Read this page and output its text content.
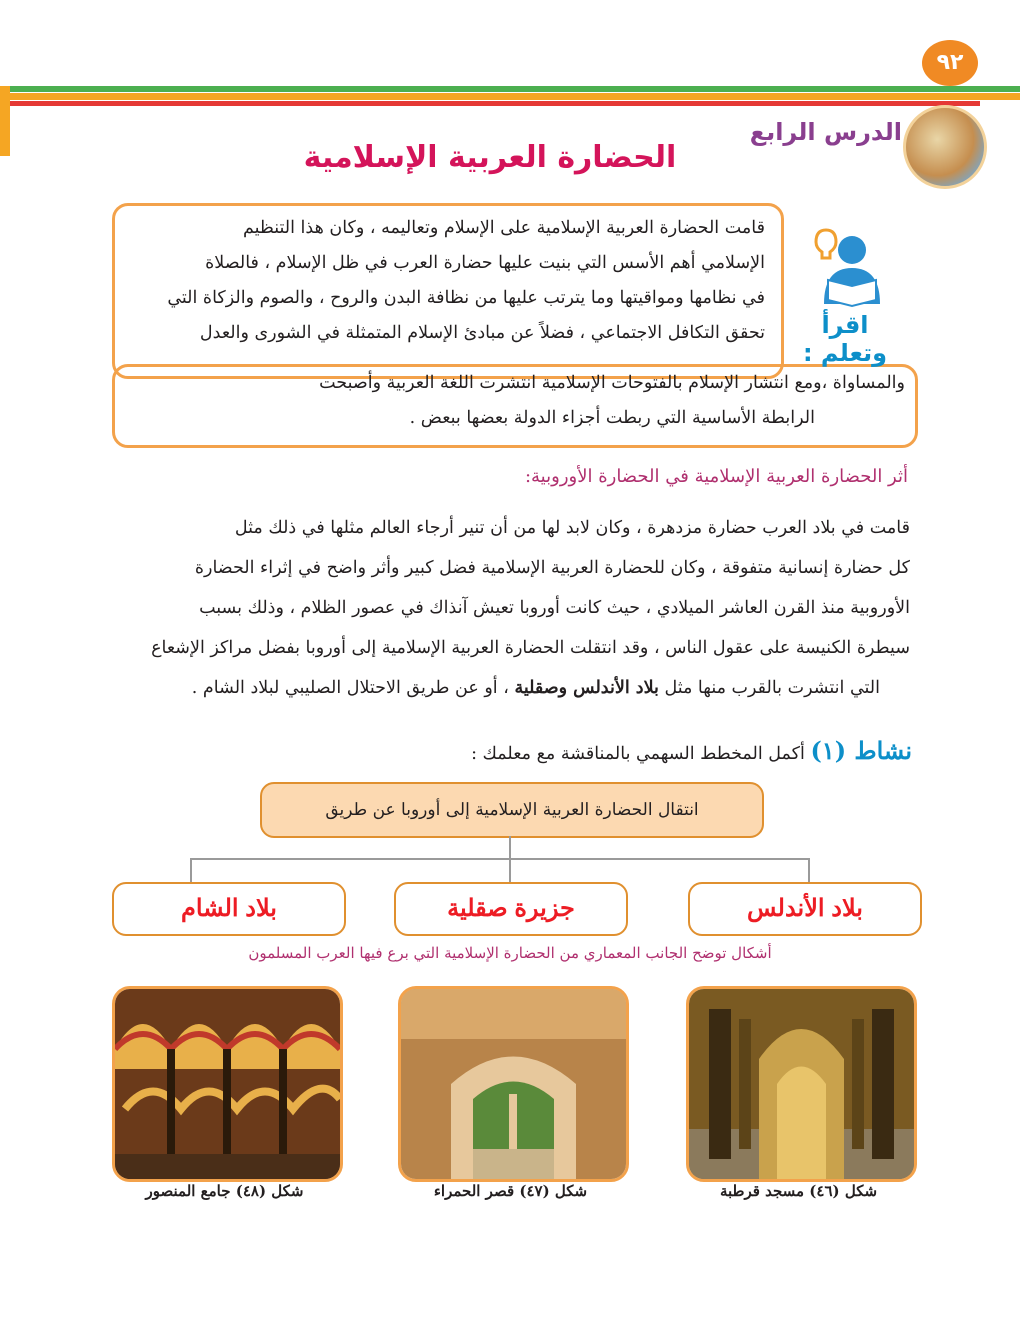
٩٢
الدرس الرابع
الحضارة العربية الإسلامية
قامت الحضارة العربية الإسلامية على الإسلام وتعاليمه ، وكان هذا التنظيم
الإسلامي أهم الأسس التي بنيت عليها حضارة العرب في ظل الإسلام ، فالصلاة
في نظامها ومواقيتها وما يترتب عليها من نظافة البدن والروح ، والصوم والزكاة التي
تحقق التكافل الاجتماعي ، فضلاً عن مبادئ الإسلام المتمثلة في الشورى والعدل
والمساواة ،ومع انتشار الإسلام بالفتوحات الإسلامية انتشرت اللغة العربية وأصبحت
الرابطة الأساسية التي ربطت أجزاء الدولة بعضها ببعض .
اقرأ وتعلم :
أثر الحضارة العربية الإسلامية في الحضارة الأوروبية:
قامت في بلاد العرب حضارة مزدهرة ، وكان لابد لها من أن تنير أرجاء العالم مثلها في ذلك مثل
كل حضارة إنسانية متفوقة ، وكان للحضارة العربية الإسلامية فضل كبير وأثر واضح في إثراء الحضارة
الأوروبية منذ القرن العاشر الميلادي ، حيث كانت أوروبا تعيش آنذاك في عصور الظلام ، وذلك بسبب
سيطرة الكنيسة على عقول الناس ، وقد انتقلت الحضارة العربية الإسلامية إلى أوروبا بفضل مراكز الإشعاع
التي انتشرت بالقرب منها مثل بلاد الأندلس وصقلية ، أو عن طريق الاحتلال الصليبي لبلاد الشام .
نشاط (١) أكمل المخطط السهمي بالمناقشة مع معلمك :
انتقال الحضارة العربية الإسلامية إلى أوروبا عن طريق
بلاد الأندلس
جزيرة صقلية
بلاد الشام
أشكال توضح الجانب المعماري من الحضارة الإسلامية التي برع فيها العرب المسلمون
شكل (٤٦) مسجد قرطبة
شكل (٤٧) قصر الحمراء
شكل (٤٨) جامع المنصور
